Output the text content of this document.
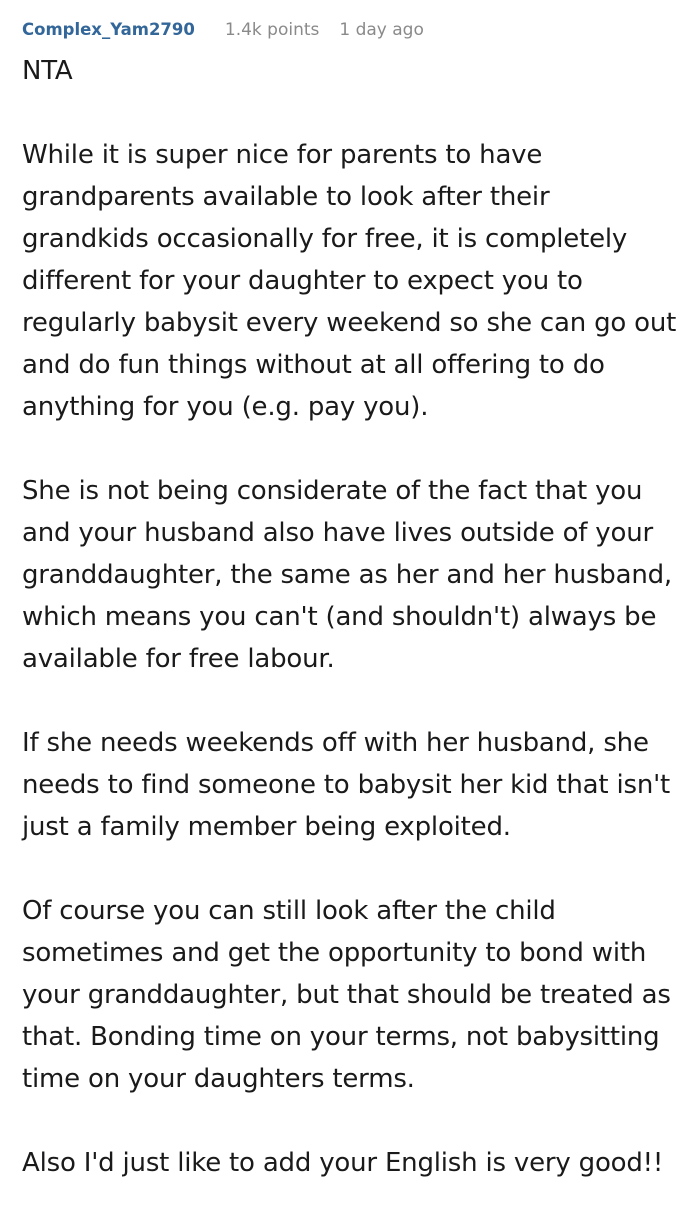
Complex_Yam2790 1.4k points 1 day ago

NTA

While it is super nice for parents to have grandparents available to look after their grandkids occasionally for free, it is completely different for your daughter to expect you to regularly babysit every weekend so she can go out and do fun things without at all offering to do anything for you (e.g. pay you).

She is not being considerate of the fact that you and your husband also have lives outside of your granddaughter, the same as her and her husband, which means you can't (and shouldn't) always be available for free labour.

If she needs weekends off with her husband, she needs to find someone to babysit her kid that isn't just a family member being exploited.

Of course you can still look after the child sometimes and get the opportunity to bond with your granddaughter, but that should be treated as that. Bonding time on your terms, not babysitting time on your daughters terms.

Also I'd just like to add your English is very good!!
